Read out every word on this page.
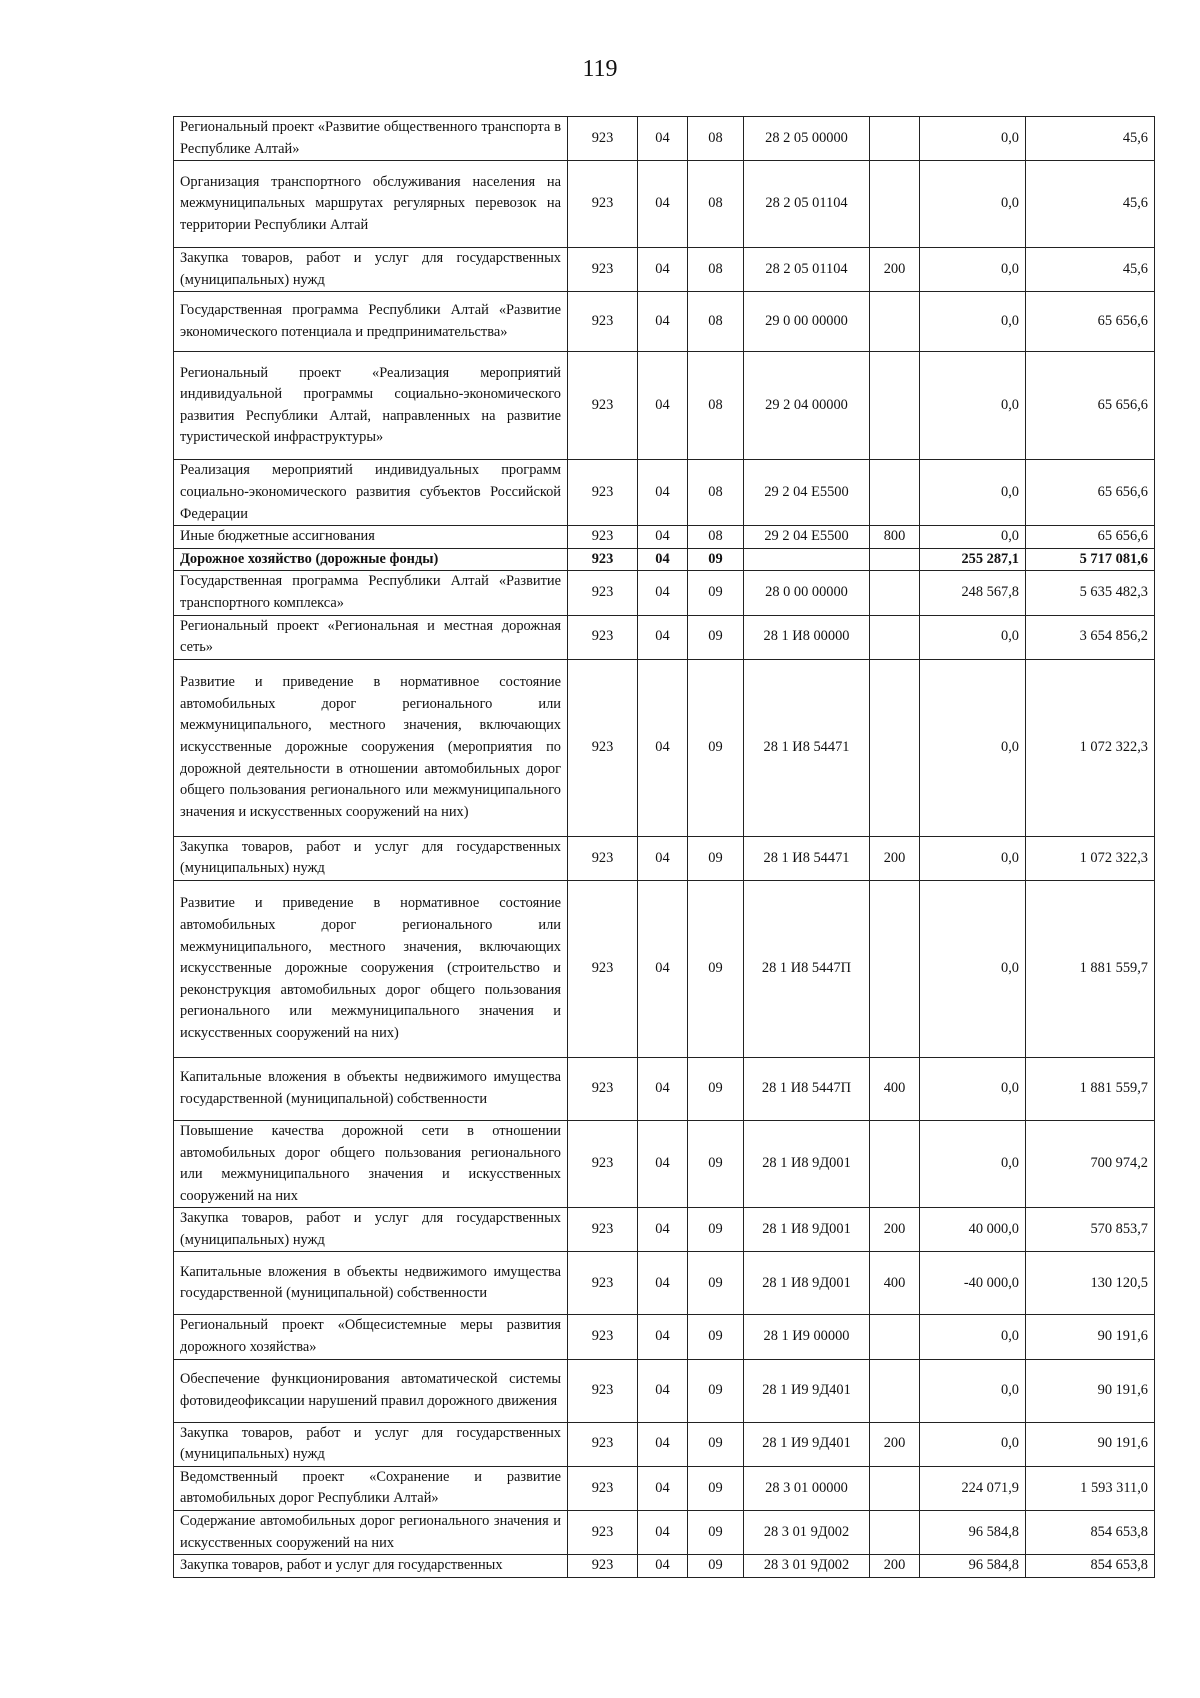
119
Региональный проект «Развитие общественного транспорта в Республике Алтай»	923	04	08	28 2 05 00000		0,0	45,6
Организация транспортного обслуживания населения на межмуниципальных маршрутах регулярных перевозок на территории Республики Алтай	923	04	08	28 2 05 01104		0,0	45,6
Закупка товаров, работ и услуг для государственных (муниципальных) нужд	923	04	08	28 2 05 01104	200	0,0	45,6
Государственная программа Республики Алтай «Развитие экономического потенциала и предпринимательства»	923	04	08	29 0 00 00000		0,0	65 656,6
Региональный проект «Реализация мероприятий индивидуальной программы социально-экономического развития Республики Алтай, направленных на развитие туристической инфраструктуры»	923	04	08	29 2 04 00000		0,0	65 656,6
Реализация мероприятий индивидуальных программ социально-экономического развития субъектов Российской Федерации	923	04	08	29 2 04 Е5500		0,0	65 656,6
Иные бюджетные ассигнования	923	04	08	29 2 04 Е5500	800	0,0	65 656,6
Дорожное хозяйство (дорожные фонды)	923	04	09			255 287,1	5 717 081,6
Государственная программа Республики Алтай «Развитие транспортного комплекса»	923	04	09	28 0 00 00000		248 567,8	5 635 482,3
Региональный проект «Региональная и местная дорожная сеть»	923	04	09	28 1 И8 00000		0,0	3 654 856,2
Развитие и приведение в нормативное состояние автомобильных дорог регионального или межмуниципального, местного значения, включающих искусственные дорожные сооружения (мероприятия по дорожной деятельности в отношении автомобильных дорог общего пользования регионального или межмуниципального значения и искусственных сооружений на них)	923	04	09	28 1 И8 54471		0,0	1 072 322,3
Закупка товаров, работ и услуг для государственных (муниципальных) нужд	923	04	09	28 1 И8 54471	200	0,0	1 072 322,3
Развитие и приведение в нормативное состояние автомобильных дорог регионального или межмуниципального, местного значения, включающих искусственные дорожные сооружения (строительство и реконструкция автомобильных дорог общего пользования регионального или межмуниципального значения и искусственных сооружений на них)	923	04	09	28 1 И8 5447П		0,0	1 881 559,7
Капитальные вложения в объекты недвижимого имущества государственной (муниципальной) собственности	923	04	09	28 1 И8 5447П	400	0,0	1 881 559,7
Повышение качества дорожной сети в отношении автомобильных дорог общего пользования регионального или межмуниципального значения и искусственных сооружений на них	923	04	09	28 1 И8 9Д001		0,0	700 974,2
Закупка товаров, работ и услуг для государственных (муниципальных) нужд	923	04	09	28 1 И8 9Д001	200	40 000,0	570 853,7
Капитальные вложения в объекты недвижимого имущества государственной (муниципальной) собственности	923	04	09	28 1 И8 9Д001	400	-40 000,0	130 120,5
Региональный проект «Общесистемные меры развития дорожного хозяйства»	923	04	09	28 1 И9 00000		0,0	90 191,6
Обеспечение функционирования автоматической системы фотовидеофиксации нарушений правил дорожного движения	923	04	09	28 1 И9 9Д401		0,0	90 191,6
Закупка товаров, работ и услуг для государственных (муниципальных) нужд	923	04	09	28 1 И9 9Д401	200	0,0	90 191,6
Ведомственный проект «Сохранение и развитие автомобильных дорог Республики Алтай»	923	04	09	28 3 01 00000		224 071,9	1 593 311,0
Содержание автомобильных дорог регионального значения и искусственных сооружений на них	923	04	09	28 3 01 9Д002		96 584,8	854 653,8
Закупка товаров, работ и услуг для государственных	923	04	09	28 3 01 9Д002	200	96 584,8	854 653,8
